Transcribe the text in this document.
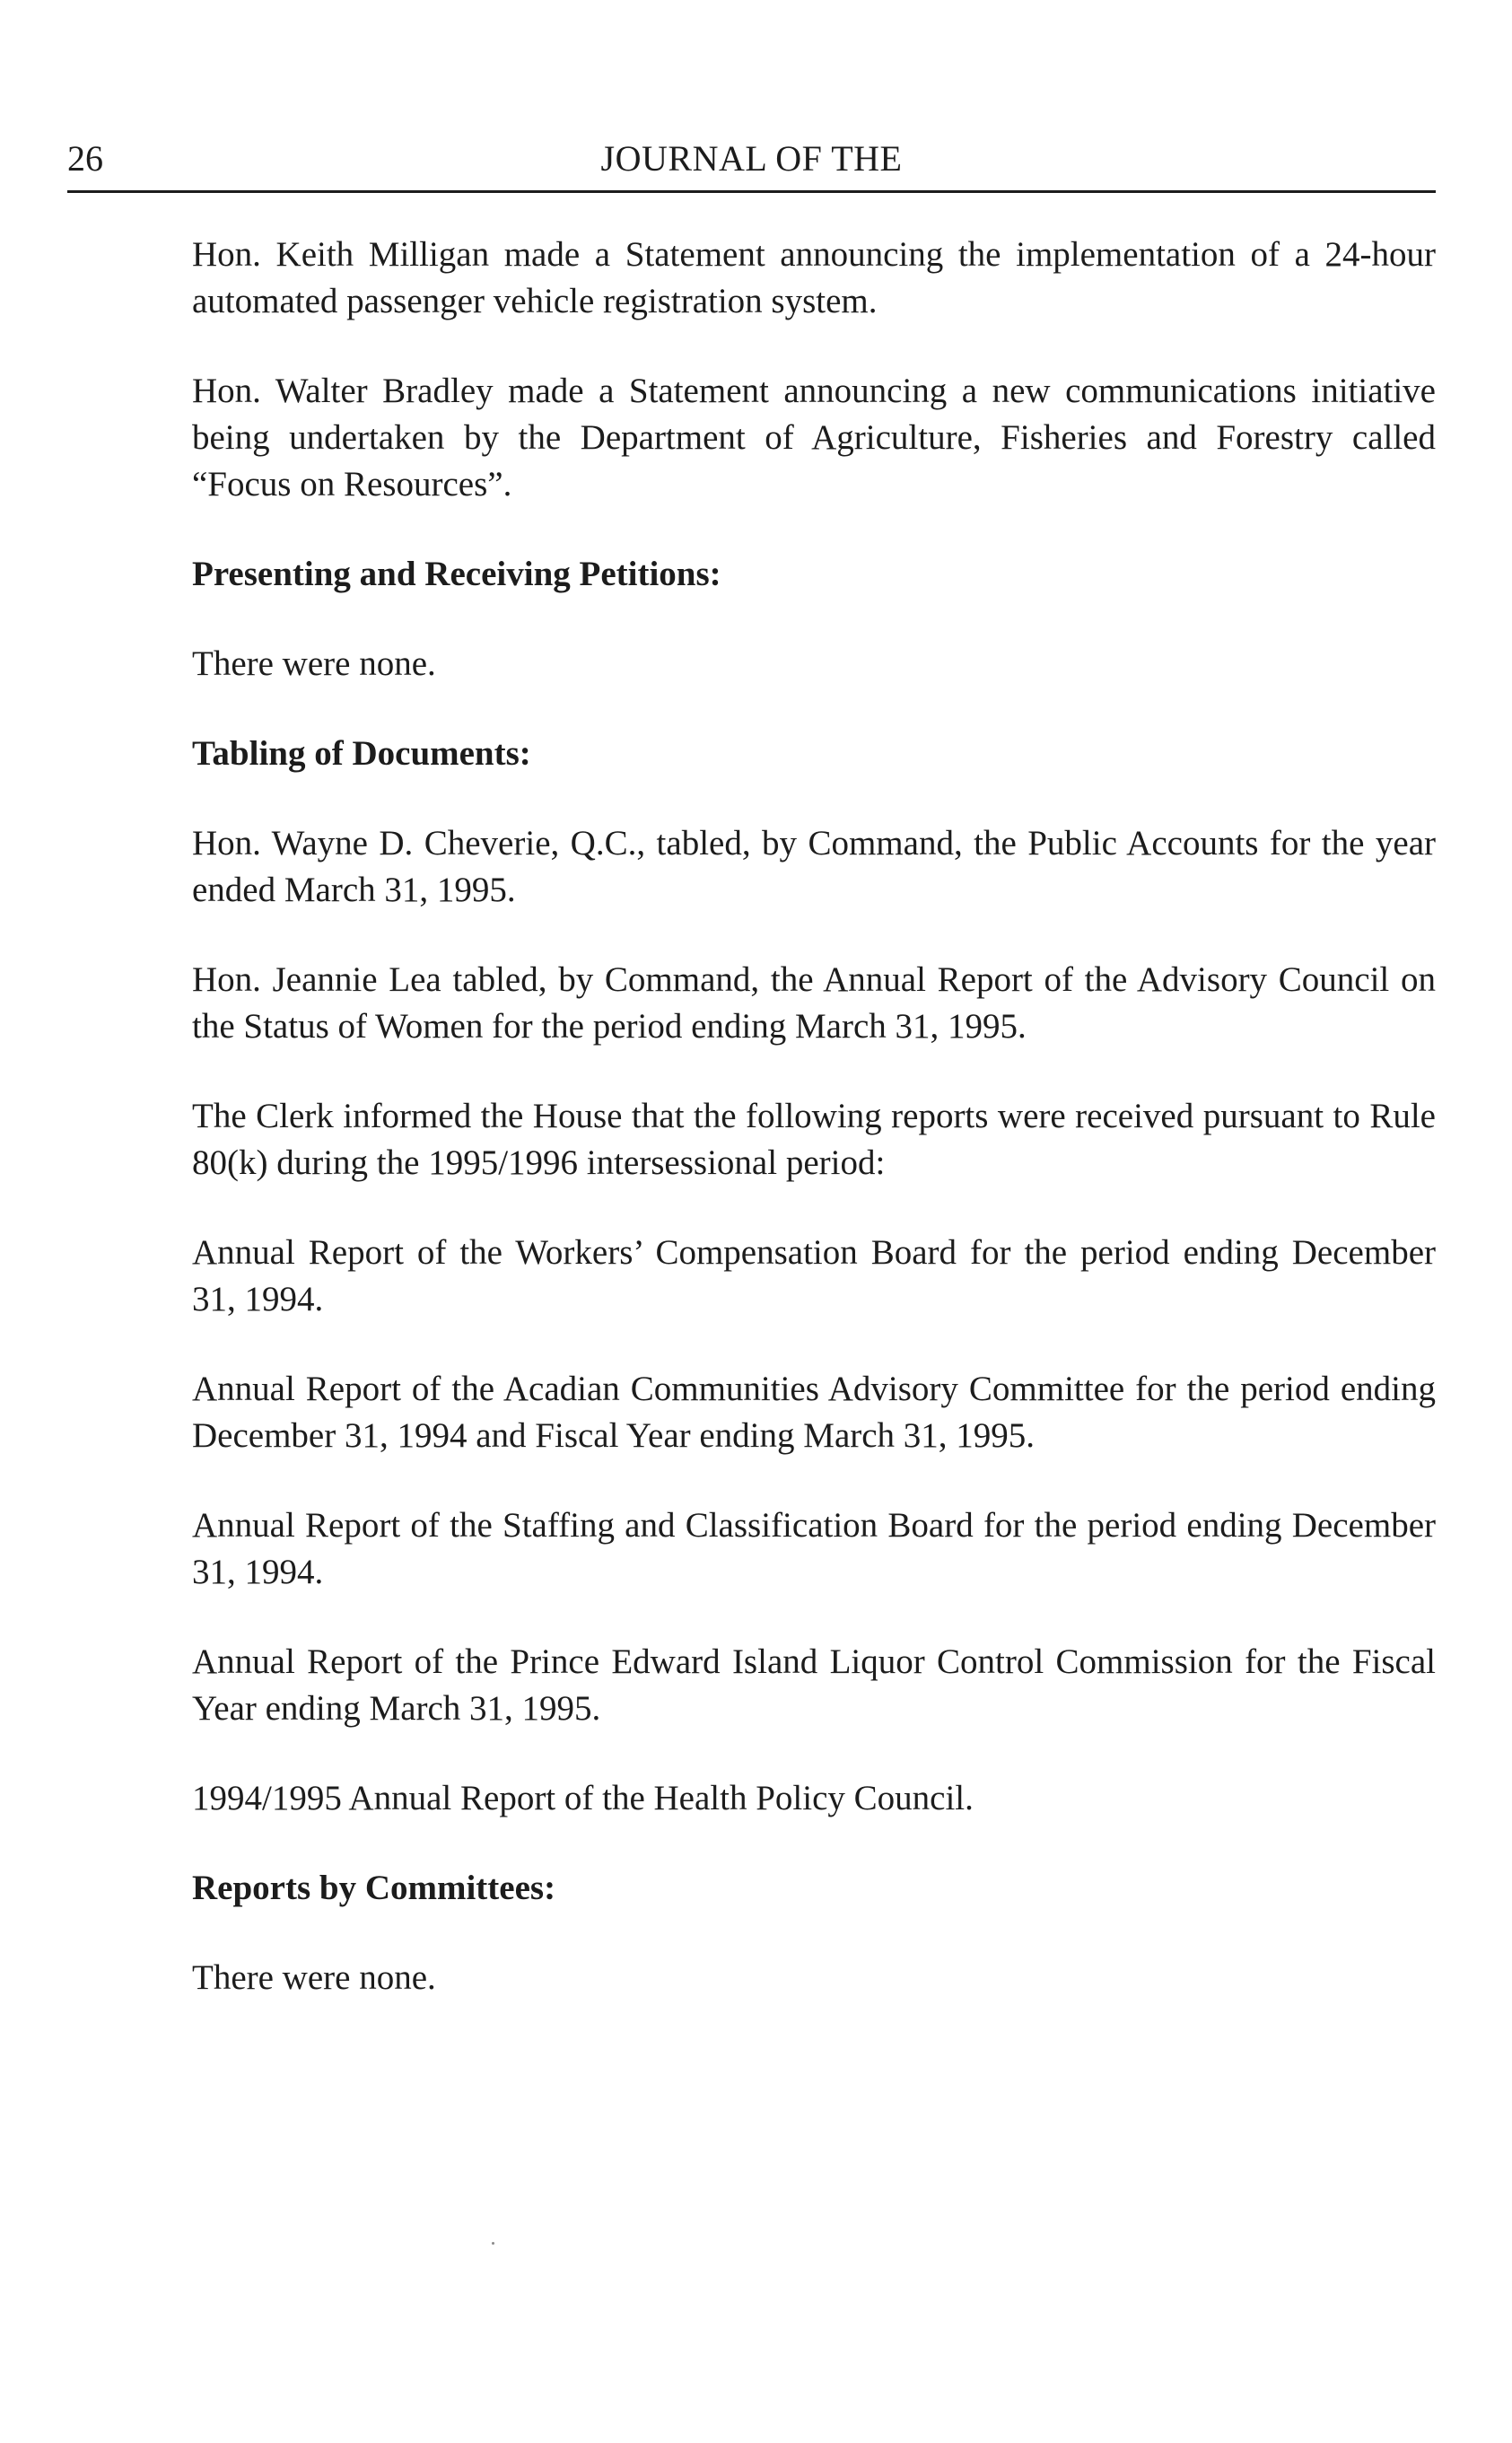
26	JOURNAL OF THE

Hon. Keith Milligan made a Statement announcing the implementation of a 24-hour automated passenger vehicle registration system.

Hon. Walter Bradley made a Statement announcing a new communications initiative being undertaken by the Department of Agriculture, Fisheries and Forestry called “Focus on Resources”.

Presenting and Receiving Petitions:

There were none.

Tabling of Documents:

Hon. Wayne D. Cheverie, Q.C., tabled, by Command, the Public Accounts for the year ended March 31, 1995.

Hon. Jeannie Lea tabled, by Command, the Annual Report of the Advisory Council on the Status of Women for the period ending March 31, 1995.

The Clerk informed the House that the following reports were received pursuant to Rule 80(k) during the 1995/1996 intersessional period:

Annual Report of the Workers’ Compensation Board for the period ending December 31, 1994.

Annual Report of the Acadian Communities Advisory Committee for the period ending December 31, 1994 and Fiscal Year ending March 31, 1995.

Annual Report of the Staffing and Classification Board for the period ending December 31, 1994.

Annual Report of the Prince Edward Island Liquor Control Commission for the Fiscal Year ending March 31, 1995.

1994/1995 Annual Report of the Health Policy Council.

Reports by Committees:

There were none.
